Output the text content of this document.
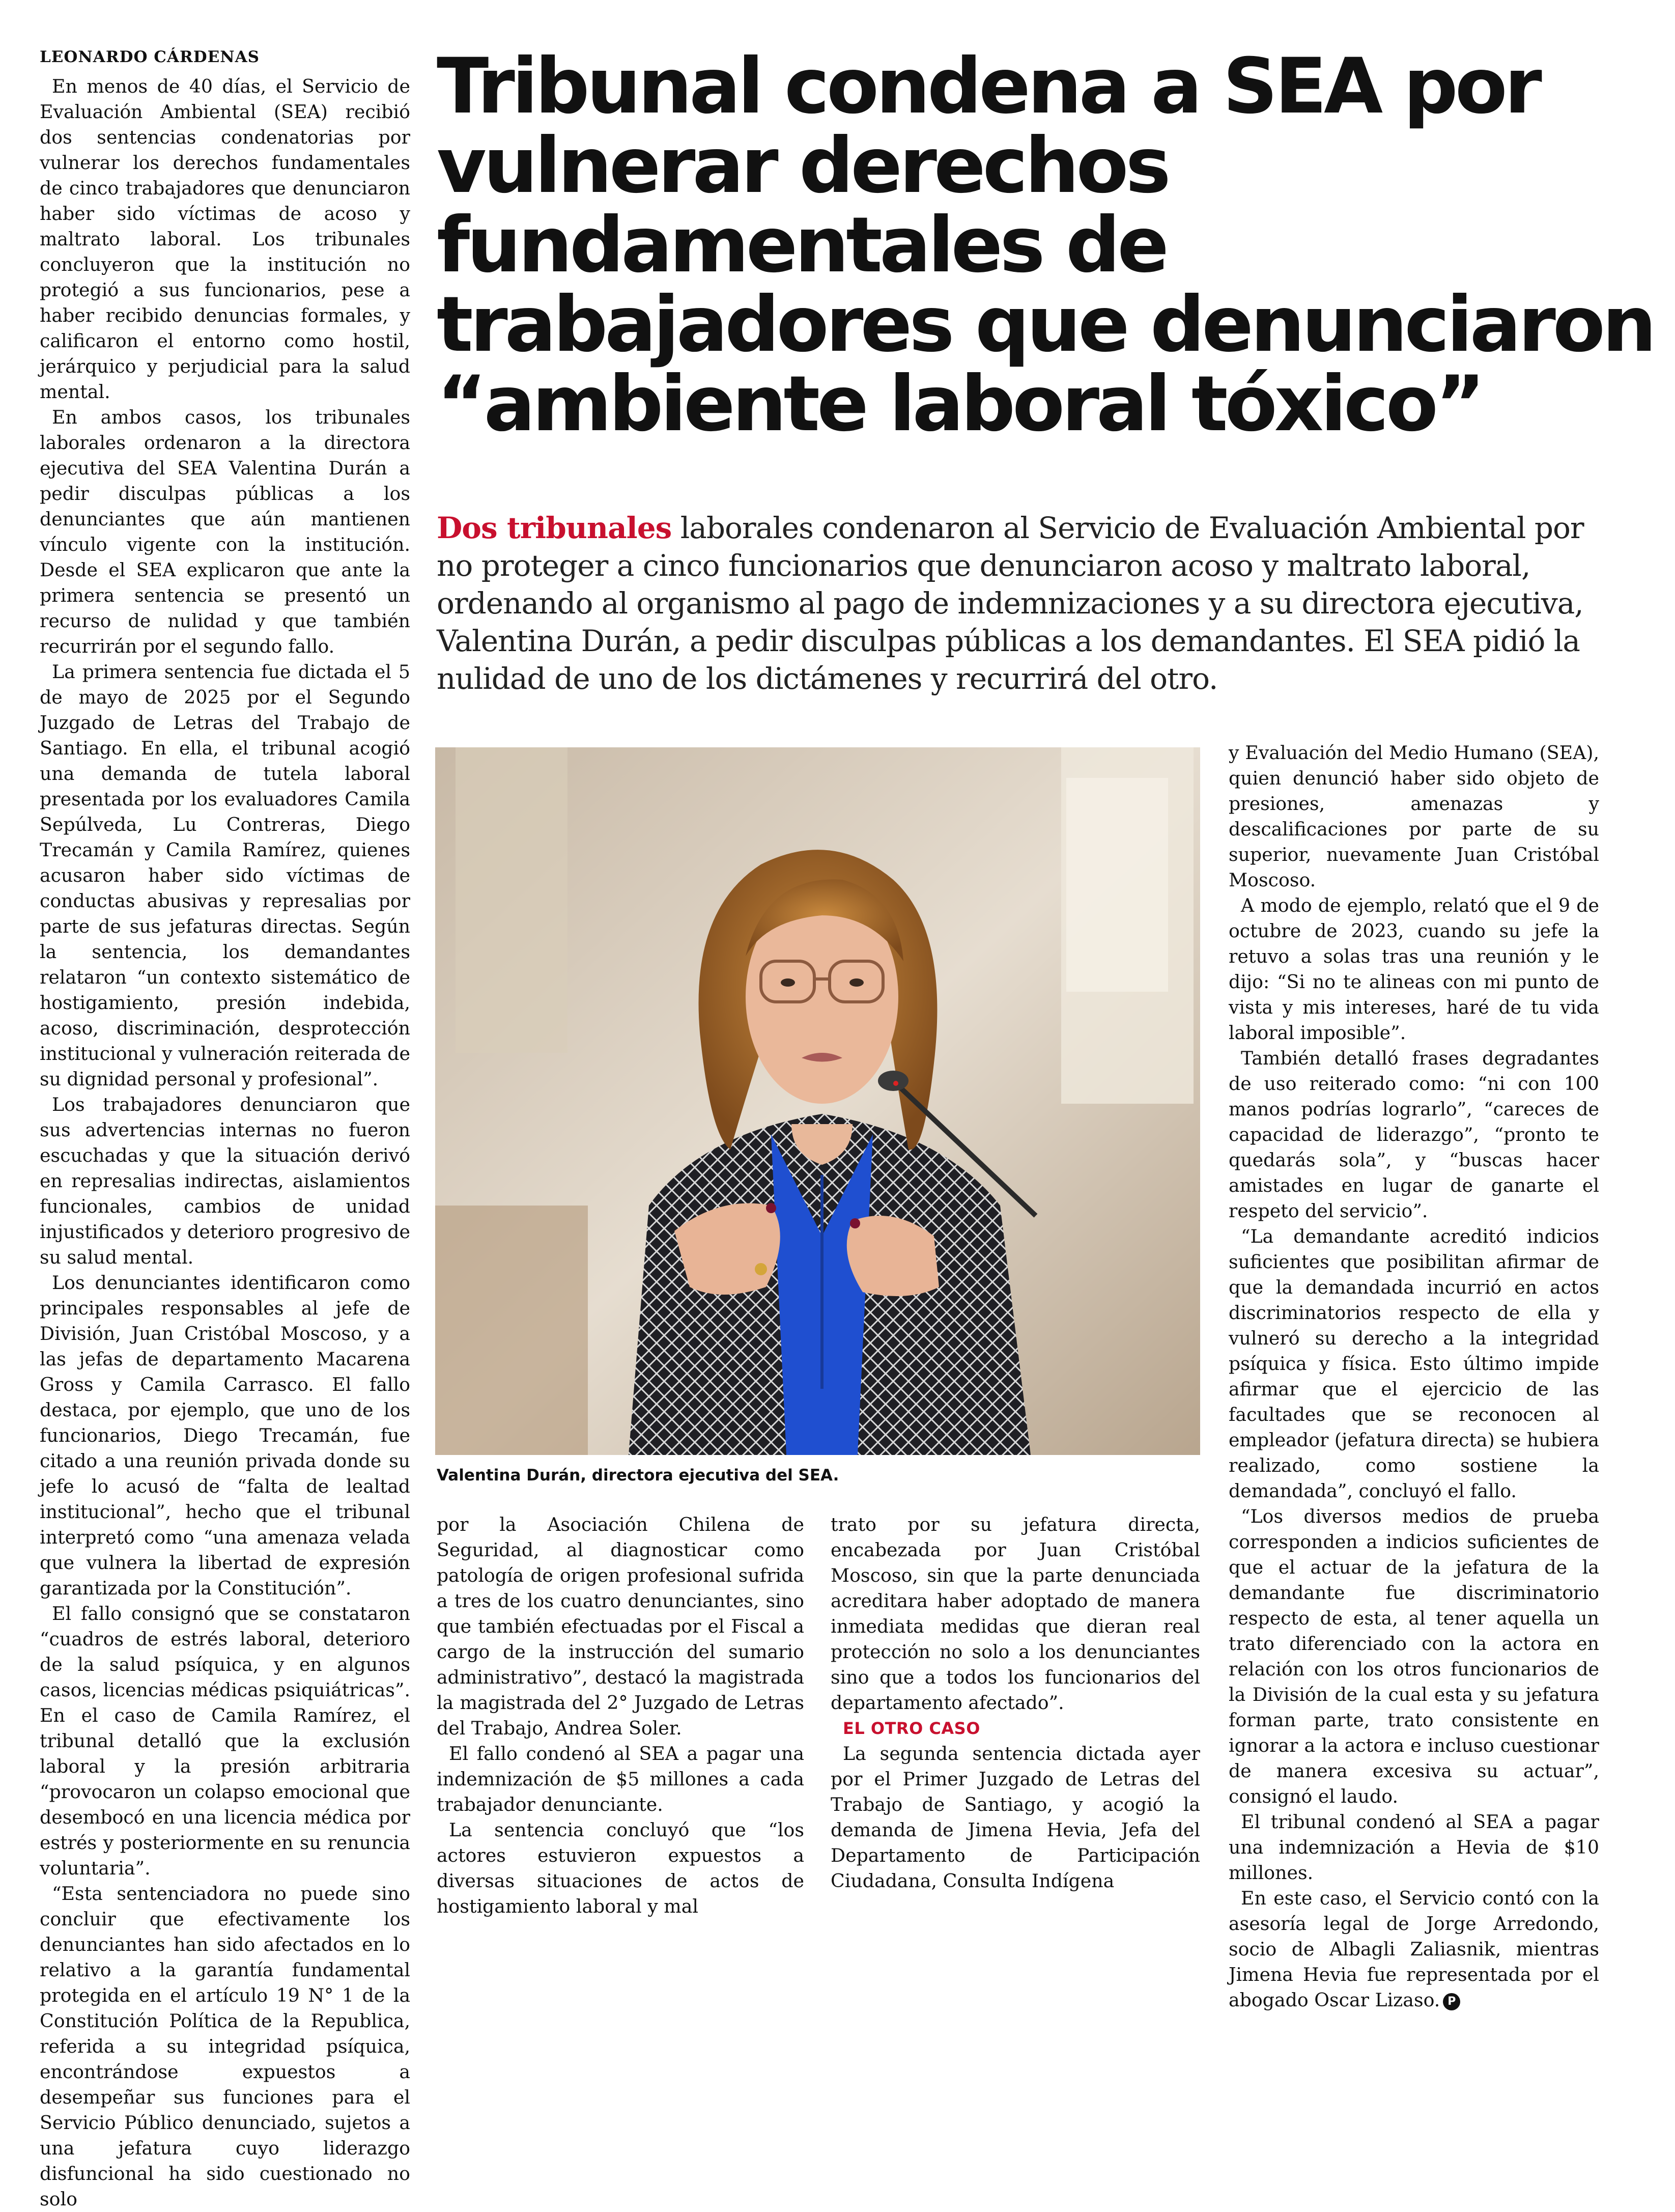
LEONARDO CÁRDENAS

En menos de 40 días, el Servicio de Evaluación Ambiental (SEA) recibió dos sentencias condenatorias por vulnerar los derechos fundamentales de cinco trabajadores que denunciaron haber sido víctimas de acoso y maltrato laboral. Los tribunales concluyeron que la institución no protegió a sus funcionarios, pese a haber recibido denuncias formales, y calificaron el entorno como hostil, jerárquico y perjudicial para la salud mental.

En ambos casos, los tribunales laborales ordenaron a la directora ejecutiva del SEA Valentina Durán a pedir disculpas públicas a los denunciantes que aún mantienen vínculo vigente con la institución. Desde el SEA explicaron que ante la primera sentencia se presentó un recurso de nulidad y que también recurrirán por el segundo fallo.

La primera sentencia fue dictada el 5 de mayo de 2025 por el Segundo Juzgado de Letras del Trabajo de Santiago. En ella, el tribunal acogió una demanda de tutela laboral presentada por los evaluadores Camila Sepúlveda, Lu Contreras, Diego Trecamán y Camila Ramírez, quienes acusaron haber sido víctimas de conductas abusivas y represalias por parte de sus jefaturas directas. Según la sentencia, los demandantes relataron “un contexto sistemático de hostigamiento, presión indebida, acoso, discriminación, desprotección institucional y vulneración reiterada de su dignidad personal y profesional”.

Los trabajadores denunciaron que sus advertencias internas no fueron escuchadas y que la situación derivó en represalias indirectas, aislamientos funcionales, cambios de unidad injustificados y deterioro progresivo de su salud mental.

Los denunciantes identificaron como principales responsables al jefe de División, Juan Cristóbal Moscoso, y a las jefas de departamento Macarena Gross y Camila Carrasco. El fallo destaca, por ejemplo, que uno de los funcionarios, Diego Trecamán, fue citado a una reunión privada donde su jefe lo acusó de “falta de lealtad institucional”, hecho que el tribunal interpretó como “una amenaza velada que vulnera la libertad de expresión garantizada por la Constitución”.

El fallo consignó que se constataron “cuadros de estrés laboral, deterioro de la salud psíquica, y en algunos casos, licencias médicas psiquiátricas”. En el caso de Camila Ramírez, el tribunal detalló que la exclusión laboral y la presión arbitraria “provocaron un colapso emocional que desembocó en una licencia médica por estrés y posteriormente en su renuncia voluntaria”.

“Esta sentenciadora no puede sino concluir que efectivamente los denunciantes han sido afectados en lo relativo a la garantía fundamental protegida en el artículo 19 N° 1 de la Constitución Política de la Republica, referida a su integridad psíquica, encontrándose expuestos a desempeñar sus funciones para el Servicio Público denunciado, sujetos a una jefatura cuyo liderazgo disfuncional ha sido cuestionado no solo

Tribunal condena a SEA por vulnerar derechos fundamentales de trabajadores que denunciaron “ambiente laboral tóxico”
Dos tribunales laborales condenaron al Servicio de Evaluación Ambiental por no proteger a cinco funcionarios que denunciaron acoso y maltrato laboral, ordenando al organismo al pago de indemnizaciones y a su directora ejecutiva, Valentina Durán, a pedir disculpas públicas a los demandantes. El SEA pidió la nulidad de uno de los dictámenes y recurrirá del otro.
Valentina Durán, directora ejecutiva del SEA.

por la Asociación Chilena de Seguridad, al diagnosticar como patología de origen profesional sufrida a tres de los cuatro denunciantes, sino que también efectuadas por el Fiscal a cargo de la instrucción del sumario administrativo”, destacó la magistrada la magistrada del 2° Juzgado de Letras del Trabajo, Andrea Soler.

El fallo condenó al SEA a pagar una indemnización de $5 millones a cada trabajador denunciante.

La sentencia concluyó que “los actores estuvieron expuestos a diversas situaciones de actos de hostigamiento laboral y mal

trato por su jefatura directa, encabezada por Juan Cristóbal Moscoso, sin que la parte denunciada acreditara haber adoptado de manera inmediata medidas que dieran real protección no solo a los denunciantes sino que a todos los funcionarios del departamento afectado”.

EL OTRO CASO

La segunda sentencia dictada ayer por el Primer Juzgado de Letras del Trabajo de Santiago, y acogió la demanda de Jimena Hevia, Jefa del Departamento de Participación Ciudadana, Consulta Indígena

y Evaluación del Medio Humano (SEA), quien denunció haber sido objeto de presiones, amenazas y descalificaciones por parte de su superior, nuevamente Juan Cristóbal Moscoso.

A modo de ejemplo, relató que el 9 de octubre de 2023, cuando su jefe la retuvo a solas tras una reunión y le dijo: “Si no te alineas con mi punto de vista y mis intereses, haré de tu vida laboral imposible”.

También detalló frases degradantes de uso reiterado como: “ni con 100 manos podrías lograrlo”, “careces de capacidad de liderazgo”, “pronto te quedarás sola”, y “buscas hacer amistades en lugar de ganarte el respeto del servicio”.

“La demandante acreditó indicios suficientes que posibilitan afirmar de que la demandada incurrió en actos discriminatorios respecto de ella y vulneró su derecho a la integridad psíquica y física. Esto último impide afirmar que el ejercicio de las facultades que se reconocen al empleador (jefatura directa) se hubiera realizado, como sostiene la demandada”, concluyó el fallo.

“Los diversos medios de prueba corresponden a indicios suficientes de que el actuar de la jefatura de la demandante fue discriminatorio respecto de esta, al tener aquella un trato diferenciado con la actora en relación con los otros funcionarios de la División de la cual esta y su jefatura forman parte, trato consistente en ignorar a la actora e incluso cuestionar de manera excesiva su actuar”, consignó el laudo.

El tribunal condenó al SEA a pagar una indemnización a Hevia de $10 millones.

En este caso, el Servicio contó con la asesoría legal de Jorge Arredondo, socio de Albagli Zaliasnik, mientras Jimena Hevia fue representada por el abogado Oscar Lizaso. P
